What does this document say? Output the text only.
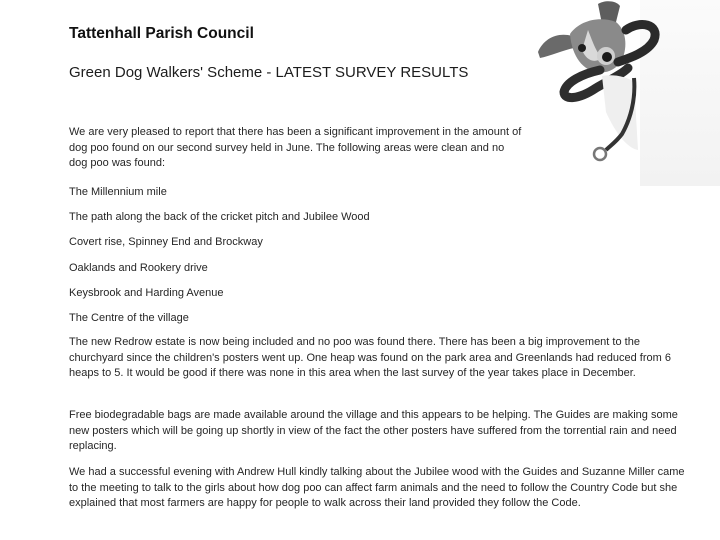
Tattenhall Parish Council
Green Dog Walkers' Scheme - LATEST SURVEY RESULTS
We are very pleased to report that there has been a significant improvement in the amount of dog poo found on our second survey held in June. The following areas were clean and no dog poo was found:
The Millennium mile
The path along the back of the cricket pitch and Jubilee Wood
Covert rise, Spinney End and Brockway
Oaklands and Rookery drive
Keysbrook and Harding Avenue
The Centre of the village
The new Redrow estate is now being included and no poo was found there. There has been a big improvement to the churchyard since the children's posters went up. One heap was found on the park area and Greenlands had reduced from 6 heaps to 5. It would be good if there was none in this area when the last survey of the year takes place in December.
Free biodegradable bags are made available around the village and this appears to be helping. The Guides are making some new posters which will be going up shortly in view of the fact the other posters have suffered from the torrential rain and need replacing.
We had a successful evening with Andrew Hull kindly talking about the Jubilee wood with the Guides and Suzanne Miller came to the meeting to talk to the girls about how dog poo can affect farm animals and the need to follow the Country Code but she explained that most farmers are happy for people to walk across their land provided they follow the Code.
